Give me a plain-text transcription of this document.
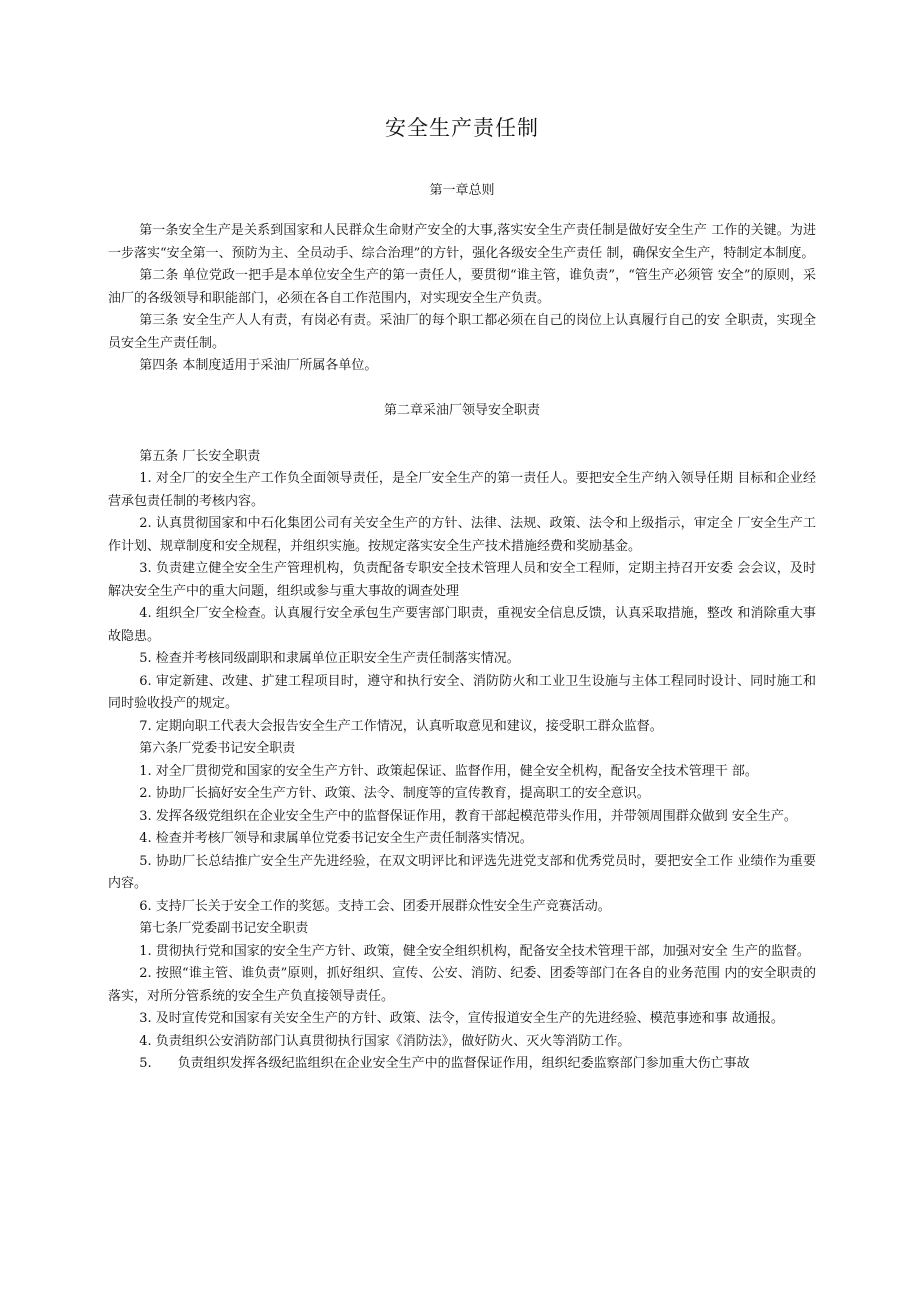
安全生产责任制
第一章总则

第一条安全生产是关系到国家和人民群众生命财产安全的大事,落实安全生产责任制是做好安全生产 工作的关键。为进一步落实“安全第一、预防为主、全员动手、综合治理”的方针，强化各级安全生产责任 制，确保安全生产，特制定本制度。

第二条 单位党政一把手是本单位安全生产的第一责任人，要贯彻“谁主管，谁负责”，“管生产必须管 安全”的原则，采油厂的各级领导和职能部门，必须在各自工作范围内，对实现安全生产负责。

第三条 安全生产人人有责，有岗必有责。采油厂的每个职工都必须在自己的岗位上认真履行自己的安 全职责，实现全员安全生产责任制。

第四条 本制度适用于采油厂所属各单位。

第二章采油厂领导安全职责

第五条 厂长安全职责

1. 对全厂的安全生产工作负全面领导责任，是全厂安全生产的第一责任人。要把安全生产纳入领导任期 目标和企业经营承包责任制的考核内容。

2. 认真贯彻国家和中石化集团公司有关安全生产的方针、法律、法规、政策、法令和上级指示，审定全 厂安全生产工作计划、规章制度和安全规程，并组织实施。按规定落实安全生产技术措施经费和奖励基金。

3. 负责建立健全安全生产管理机构，负责配备专职安全技术管理人员和安全工程师，定期主持召开安委 会会议，及时解决安全生产中的重大问题，组织或参与重大事故的调查处理

4. 组织全厂安全检查。认真履行安全承包生产要害部门职责，重视安全信息反馈，认真采取措施，整改 和消除重大事故隐患。

5. 检查并考核同级副职和隶属单位正职安全生产责任制落实情况。

6. 审定新建、改建、扩建工程项目时，遵守和执行安全、消防防火和工业卫生设施与主体工程同时设计、同时施工和同时验收投产的规定。

7. 定期向职工代表大会报告安全生产工作情况，认真听取意见和建议，接受职工群众监督。

第六条厂党委书记安全职责

1. 对全厂贯彻党和国家的安全生产方针、政策起保证、监督作用，健全安全机构，配备安全技术管理干 部。

2. 协助厂长搞好安全生产方针、政策、法令、制度等的宣传教育，提高职工的安全意识。

3. 发挥各级党组织在企业安全生产中的监督保证作用，教育干部起模范带头作用，并带领周围群众做到 安全生产。

4. 检查并考核厂领导和隶属单位党委书记安全生产责任制落实情况。

5. 协助厂长总结推广安全生产先进经验，在双文明评比和评选先进党支部和优秀党员时，要把安全工作 业绩作为重要内容。

6. 支持厂长关于安全工作的奖惩。支持工会、团委开展群众性安全生产竞赛活动。

第七条厂党委副书记安全职责

1. 贯彻执行党和国家的安全生产方针、政策，健全安全组织机构，配备安全技术管理干部，加强对安全 生产的监督。

2. 按照“谁主管、谁负责”原则，抓好组织、宣传、公安、消防、纪委、团委等部门在各自的业务范围 内的安全职责的落实，对所分管系统的安全生产负直接领导责任。

3. 及时宣传党和国家有关安全生产的方针、政策、法令，宣传报道安全生产的先进经验、模范事迹和事 故通报。

4. 负责组织公安消防部门认真贯彻执行国家《消防法》，做好防火、灭火等消防工作。

5.　　负责组织发挥各级纪监组织在企业安全生产中的监督保证作用，组织纪委监察部门参加重大伤亡事故
